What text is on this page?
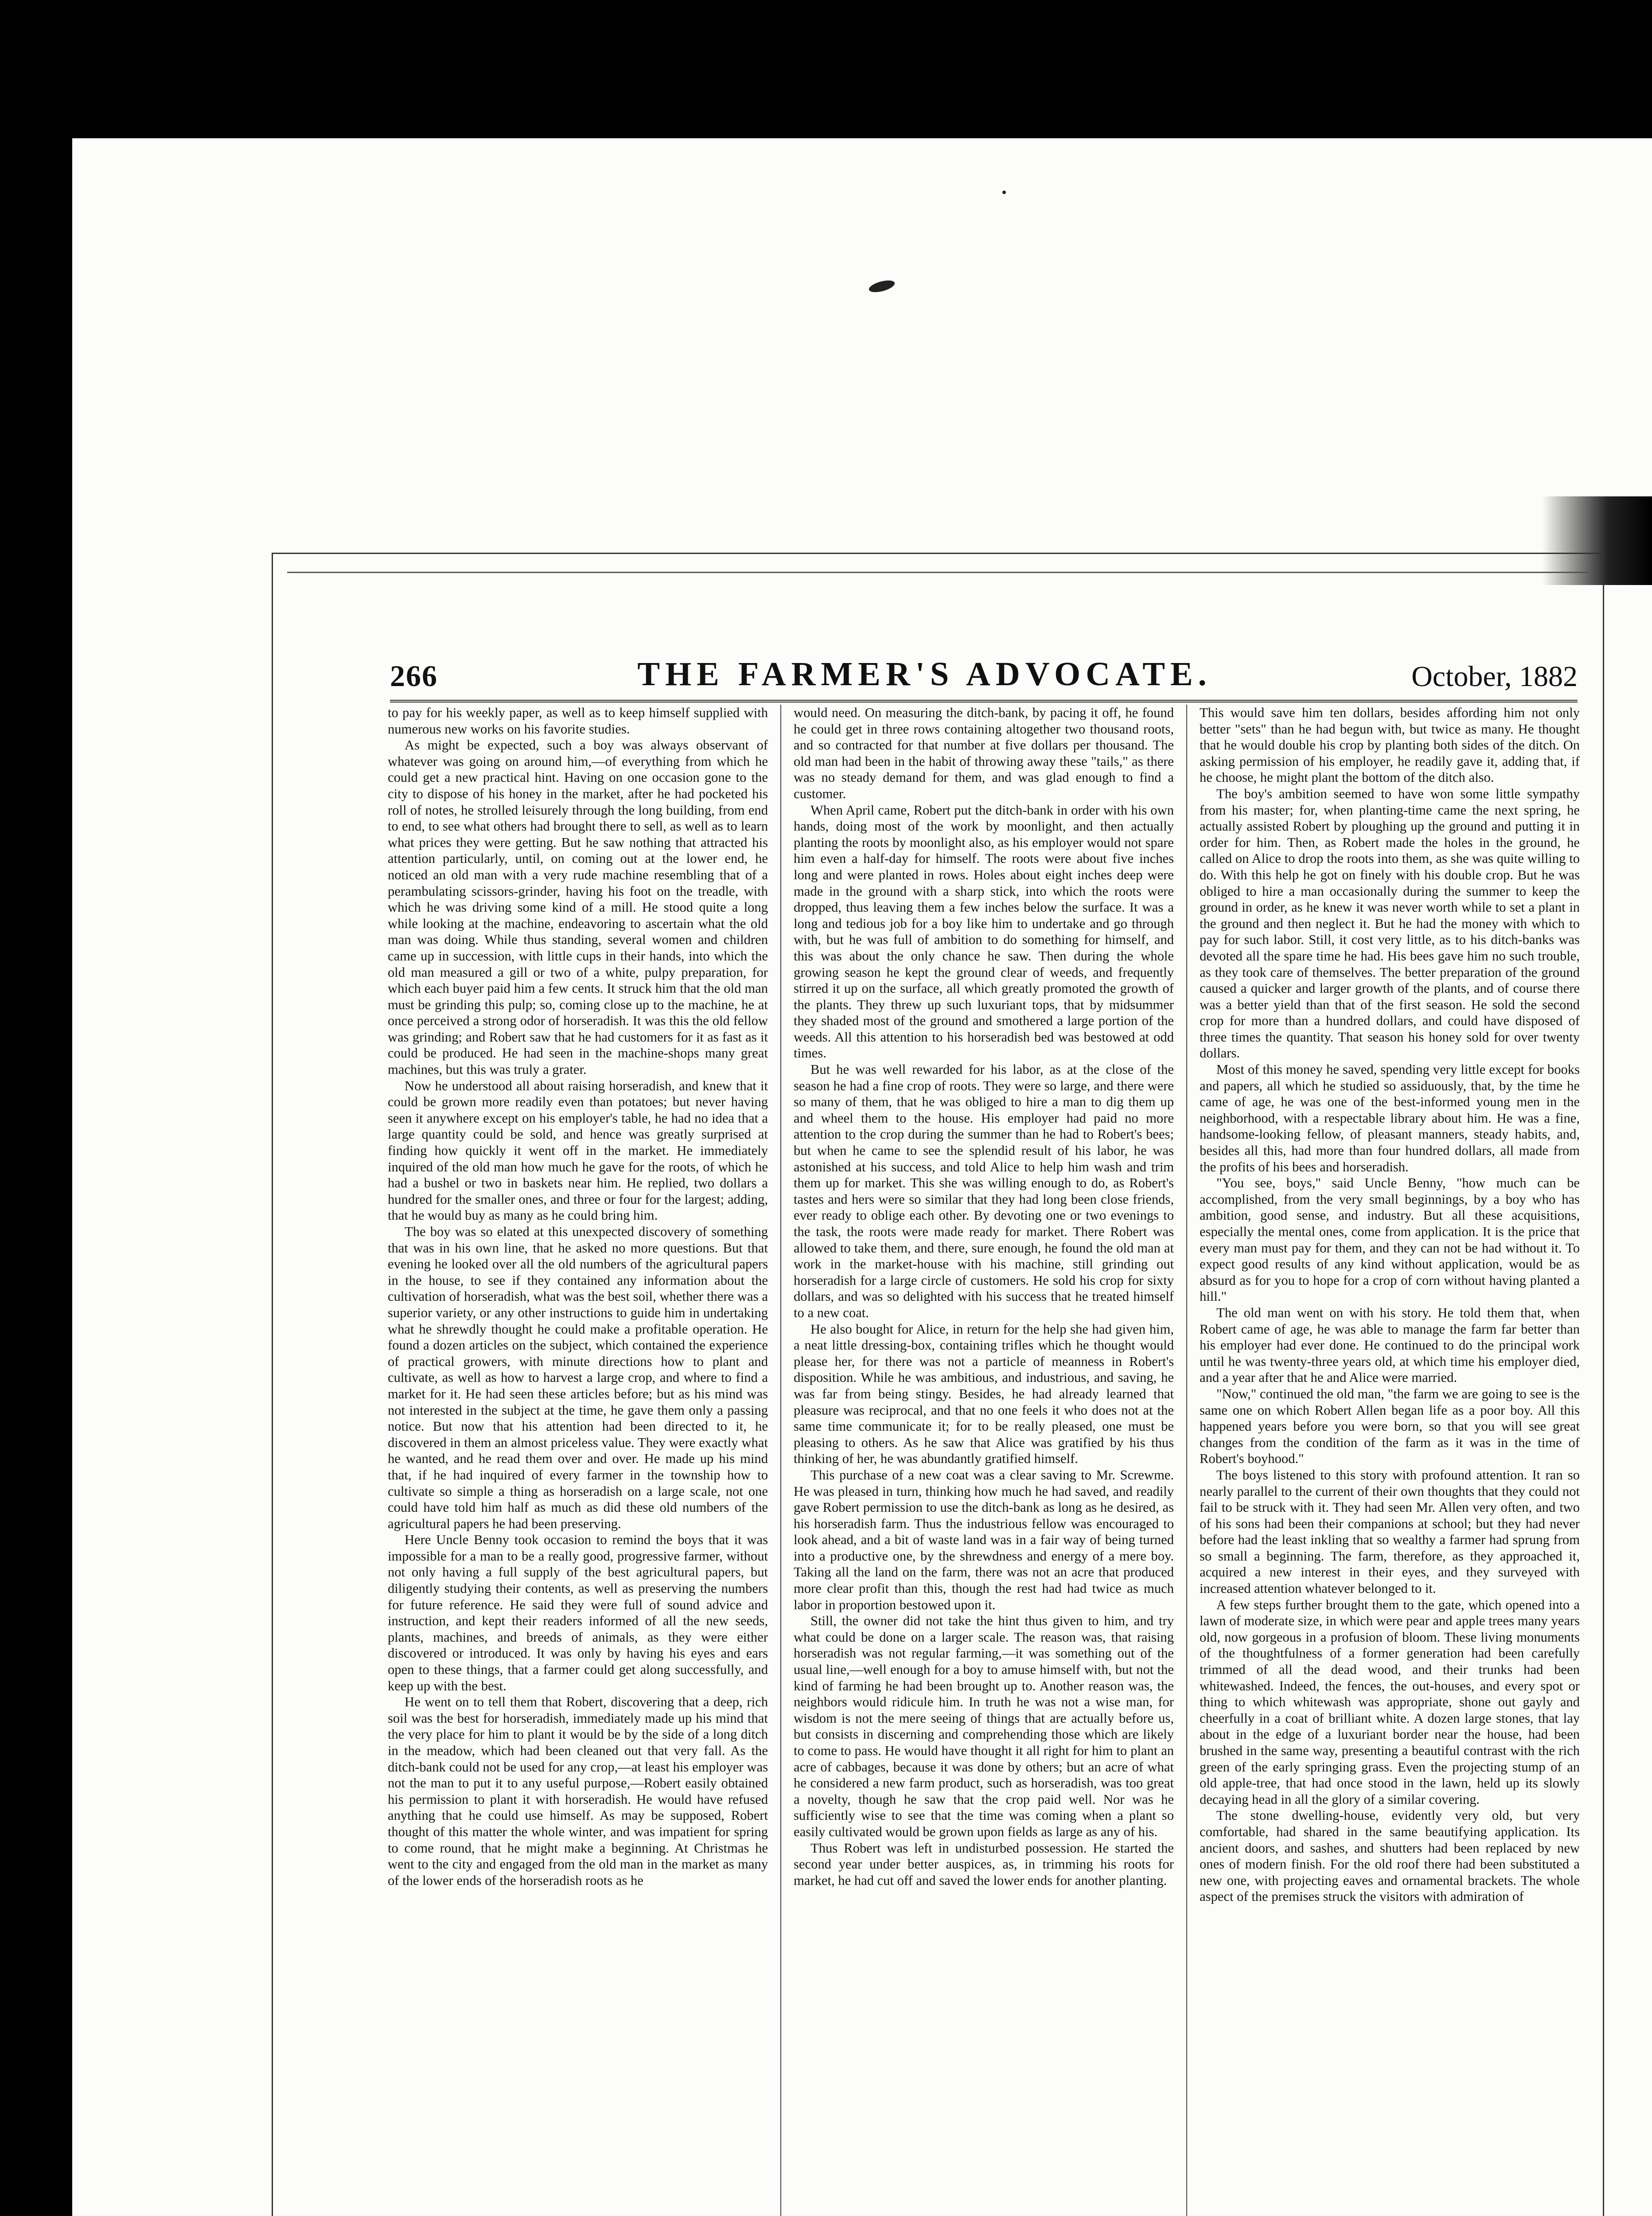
266	THE FARMER'S ADVOCATE.	October, 1882

to pay for his weekly paper, as well as to keep himself supplied with numerous new works on his favorite studies.

As might be expected, such a boy was always observant of whatever was going on around him,—of everything from which he could get a new practical hint. Having on one occasion gone to the city to dispose of his honey in the market, after he had pocketed his roll of notes, he strolled leisurely through the long building, from end to end, to see what others had brought there to sell, as well as to learn what prices they were getting. But he saw nothing that attracted his attention particularly, until, on coming out at the lower end, he noticed an old man with a very rude machine resembling that of a perambulating scissors-grinder, having his foot on the treadle, with which he was driving some kind of a mill. He stood quite a long while looking at the machine, endeavoring to ascertain what the old man was doing. While thus standing, several women and children came up in succession, with little cups in their hands, into which the old man measured a gill or two of a white, pulpy preparation, for which each buyer paid him a few cents. It struck him that the old man must be grinding this pulp; so, coming close up to the machine, he at once perceived a strong odor of horseradish. It was this the old fellow was grinding; and Robert saw that he had customers for it as fast as it could be produced. He had seen in the machine-shops many great machines, but this was truly a grater.

Now he understood all about raising horseradish, and knew that it could be grown more readily even than potatoes; but never having seen it anywhere except on his employer's table, he had no idea that a large quantity could be sold, and hence was greatly surprised at finding how quickly it went off in the market. He immediately inquired of the old man how much he gave for the roots, of which he had a bushel or two in baskets near him. He replied, two dollars a hundred for the smaller ones, and three or four for the largest; adding, that he would buy as many as he could bring him.

The boy was so elated at this unexpected discovery of something that was in his own line, that he asked no more questions. But that evening he looked over all the old numbers of the agricultural papers in the house, to see if they contained any information about the cultivation of horseradish, what was the best soil, whether there was a superior variety, or any other instructions to guide him in undertaking what he shrewdly thought he could make a profitable operation. He found a dozen articles on the subject, which contained the experience of practical growers, with minute directions how to plant and cultivate, as well as how to harvest a large crop, and where to find a market for it. He had seen these articles before; but as his mind was not interested in the subject at the time, he gave them only a passing notice. But now that his attention had been directed to it, he discovered in them an almost priceless value. They were exactly what he wanted, and he read them over and over. He made up his mind that, if he had inquired of every farmer in the township how to cultivate so simple a thing as horseradish on a large scale, not one could have told him half as much as did these old numbers of the agricultural papers he had been preserving.

Here Uncle Benny took occasion to remind the boys that it was impossible for a man to be a really good, progressive farmer, without not only having a full supply of the best agricultural papers, but diligently studying their contents, as well as preserving the numbers for future reference. He said they were full of sound advice and instruction, and kept their readers informed of all the new seeds, plants, machines, and breeds of animals, as they were either discovered or introduced. It was only by having his eyes and ears open to these things, that a farmer could get along successfully, and keep up with the best.

He went on to tell them that Robert, discovering that a deep, rich soil was the best for horseradish, immediately made up his mind that the very place for him to plant it would be by the side of a long ditch in the meadow, which had been cleaned out that very fall. As the ditch-bank could not be used for any crop,—at least his employer was not the man to put it to any useful purpose,—Robert easily obtained his permission to plant it with horseradish. He would have refused anything that he could use himself. As may be supposed, Robert thought of this matter the whole winter, and was impatient for spring to come round, that he might make a beginning. At Christmas he went to the city and engaged from the old man in the market as many of the lower ends of the horseradish roots as he

would need. On measuring the ditch-bank, by pacing it off, he found he could get in three rows containing altogether two thousand roots, and so contracted for that number at five dollars per thousand. The old man had been in the habit of throwing away these "tails," as there was no steady demand for them, and was glad enough to find a customer.

When April came, Robert put the ditch-bank in order with his own hands, doing most of the work by moonlight, and then actually planting the roots by moonlight also, as his employer would not spare him even a half-day for himself. The roots were about five inches long and were planted in rows. Holes about eight inches deep were made in the ground with a sharp stick, into which the roots were dropped, thus leaving them a few inches below the surface. It was a long and tedious job for a boy like him to undertake and go through with, but he was full of ambition to do something for himself, and this was about the only chance he saw. Then during the whole growing season he kept the ground clear of weeds, and frequently stirred it up on the surface, all which greatly promoted the growth of the plants. They threw up such luxuriant tops, that by midsummer they shaded most of the ground and smothered a large portion of the weeds. All this attention to his horseradish bed was bestowed at odd times.

But he was well rewarded for his labor, as at the close of the season he had a fine crop of roots. They were so large, and there were so many of them, that he was obliged to hire a man to dig them up and wheel them to the house. His employer had paid no more attention to the crop during the summer than he had to Robert's bees; but when he came to see the splendid result of his labor, he was astonished at his success, and told Alice to help him wash and trim them up for market. This she was willing enough to do, as Robert's tastes and hers were so similar that they had long been close friends, ever ready to oblige each other. By devoting one or two evenings to the task, the roots were made ready for market. There Robert was allowed to take them, and there, sure enough, he found the old man at work in the market-house with his machine, still grinding out horseradish for a large circle of customers. He sold his crop for sixty dollars, and was so delighted with his success that he treated himself to a new coat.

He also bought for Alice, in return for the help she had given him, a neat little dressing-box, containing trifles which he thought would please her, for there was not a particle of meanness in Robert's disposition. While he was ambitious, and industrious, and saving, he was far from being stingy. Besides, he had already learned that pleasure was reciprocal, and that no one feels it who does not at the same time communicate it; for to be really pleased, one must be pleasing to others. As he saw that Alice was gratified by his thus thinking of her, he was abundantly gratified himself.

This purchase of a new coat was a clear saving to Mr. Screwme. He was pleased in turn, thinking how much he had saved, and readily gave Robert permission to use the ditch-bank as long as he desired, as his horseradish farm. Thus the industrious fellow was encouraged to look ahead, and a bit of waste land was in a fair way of being turned into a productive one, by the shrewdness and energy of a mere boy. Taking all the land on the farm, there was not an acre that produced more clear profit than this, though the rest had had twice as much labor in proportion bestowed upon it.

Still, the owner did not take the hint thus given to him, and try what could be done on a larger scale. The reason was, that raising horseradish was not regular farming,—it was something out of the usual line,—well enough for a boy to amuse himself with, but not the kind of farming he had been brought up to. Another reason was, the neighbors would ridicule him. In truth he was not a wise man, for wisdom is not the mere seeing of things that are actually before us, but consists in discerning and comprehending those which are likely to come to pass. He would have thought it all right for him to plant an acre of cabbages, because it was done by others; but an acre of what he considered a new farm product, such as horseradish, was too great a novelty, though he saw that the crop paid well. Nor was he sufficiently wise to see that the time was coming when a plant so easily cultivated would be grown upon fields as large as any of his.

Thus Robert was left in undisturbed possession. He started the second year under better auspices, as, in trimming his roots for market, he had cut off and saved the lower ends for another planting.

This would save him ten dollars, besides affording him not only better "sets" than he had begun with, but twice as many. He thought that he would double his crop by planting both sides of the ditch. On asking permission of his employer, he readily gave it, adding that, if he choose, he might plant the bottom of the ditch also.

The boy's ambition seemed to have won some little sympathy from his master; for, when planting-time came the next spring, he actually assisted Robert by ploughing up the ground and putting it in order for him. Then, as Robert made the holes in the ground, he called on Alice to drop the roots into them, as she was quite willing to do. With this help he got on finely with his double crop. But he was obliged to hire a man occasionally during the summer to keep the ground in order, as he knew it was never worth while to set a plant in the ground and then neglect it. But he had the money with which to pay for such labor. Still, it cost very little, as to his ditch-banks was devoted all the spare time he had. His bees gave him no such trouble, as they took care of themselves. The better preparation of the ground caused a quicker and larger growth of the plants, and of course there was a better yield than that of the first season. He sold the second crop for more than a hundred dollars, and could have disposed of three times the quantity. That season his honey sold for over twenty dollars.

Most of this money he saved, spending very little except for books and papers, all which he studied so assiduously, that, by the time he came of age, he was one of the best-informed young men in the neighborhood, with a respectable library about him. He was a fine, handsome-looking fellow, of pleasant manners, steady habits, and, besides all this, had more than four hundred dollars, all made from the profits of his bees and horseradish.

"You see, boys," said Uncle Benny, "how much can be accomplished, from the very small beginnings, by a boy who has ambition, good sense, and industry. But all these acquisitions, especially the mental ones, come from application. It is the price that every man must pay for them, and they can not be had without it. To expect good results of any kind without application, would be as absurd as for you to hope for a crop of corn without having planted a hill."

The old man went on with his story. He told them that, when Robert came of age, he was able to manage the farm far better than his employer had ever done. He continued to do the principal work until he was twenty-three years old, at which time his employer died, and a year after that he and Alice were married.

"Now," continued the old man, "the farm we are going to see is the same one on which Robert Allen began life as a poor boy. All this happened years before you were born, so that you will see great changes from the condition of the farm as it was in the time of Robert's boyhood."

The boys listened to this story with profound attention. It ran so nearly parallel to the current of their own thoughts that they could not fail to be struck with it. They had seen Mr. Allen very often, and two of his sons had been their companions at school; but they had never before had the least inkling that so wealthy a farmer had sprung from so small a beginning. The farm, therefore, as they approached it, acquired a new interest in their eyes, and they surveyed with increased attention whatever belonged to it.

A few steps further brought them to the gate, which opened into a lawn of moderate size, in which were pear and apple trees many years old, now gorgeous in a profusion of bloom. These living monuments of the thoughtfulness of a former generation had been carefully trimmed of all the dead wood, and their trunks had been whitewashed. Indeed, the fences, the out-houses, and every spot or thing to which whitewash was appropriate, shone out gayly and cheerfully in a coat of brilliant white. A dozen large stones, that lay about in the edge of a luxuriant border near the house, had been brushed in the same way, presenting a beautiful contrast with the rich green of the early springing grass. Even the projecting stump of an old apple-tree, that had once stood in the lawn, held up its slowly decaying head in all the glory of a similar covering.

The stone dwelling-house, evidently very old, but very comfortable, had shared in the same beautifying application. Its ancient doors, and sashes, and shutters had been replaced by new ones of modern finish. For the old roof there had been substituted a new one, with projecting eaves and ornamental brackets. The whole aspect of the premises struck the visitors with admiration of
